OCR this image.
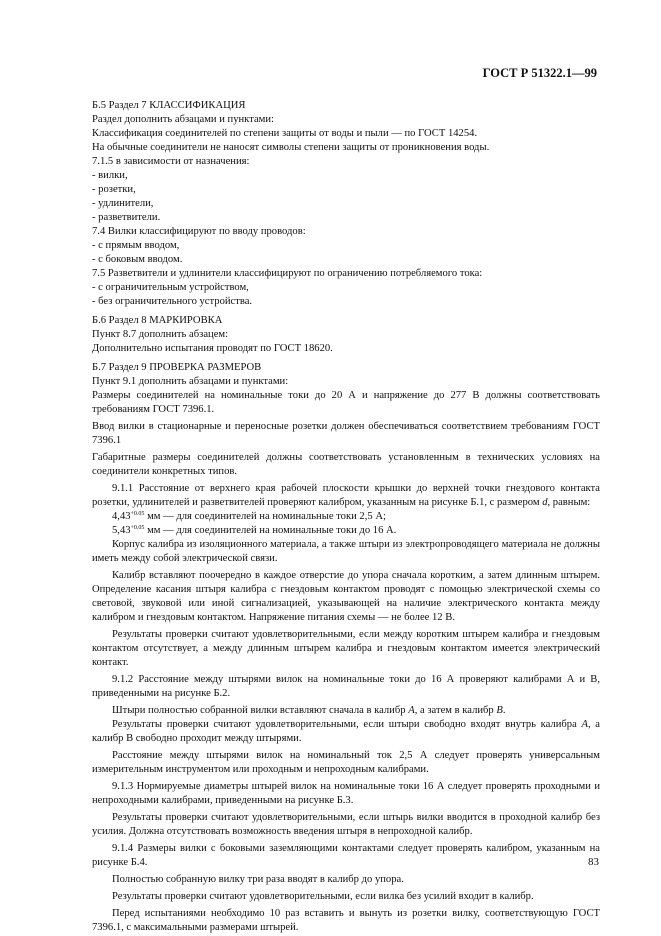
ГОСТ Р 51322.1—99

Б.5 Раздел 7 КЛАССИФИКАЦИЯ

Раздел дополнить абзацами и пунктами:

Классификация соединителей по степени защиты от воды и пыли — по ГОСТ 14254.

На обычные соединители не наносят символы степени защиты от проникновения воды.

7.1.5 в зависимости от назначения:

- вилки,

- розетки,

- удлинители,

- разветвители.

7.4 Вилки классифицируют по вводу проводов:

- с прямым вводом,

- с боковым вводом.

7.5 Разветвители и удлинители классифицируют по ограничению потребляемого тока:

- с ограничительным устройством,

- без ограничительного устройства.

Б.6 Раздел 8 МАРКИРОВКА

Пункт 8.7 дополнить абзацем:

Дополнительно испытания проводят по ГОСТ 18620.

Б.7 Раздел 9 ПРОВЕРКА РАЗМЕРОВ

Пункт 9.1 дополнить абзацами и пунктами:

Размеры соединителей на номинальные токи до 20 А и напряжение до 277 В должны соответствовать требованиям ГОСТ 7396.1.

Ввод вилки в стационарные и переносные розетки должен обеспечиваться соответствием требованиям ГОСТ 7396.1

Габаритные размеры соединителей должны соответствовать установленным в технических условиях на соединители конкретных типов.

9.1.1 Расстояние от верхнего края рабочей плоскости крышки до верхней точки гнездового контакта розетки, удлинителей и разветвителей проверяют калибром, указанным на рисунке Б.1, с размером d, равным:

$4,43^{+0.05}$ мм — для соединителей на номинальные токи 2,5 А;

$5,43^{+0.05}$ мм — для соединителей на номинальные токи до 16 А.

Корпус калибра из изоляционного материала, а также штыри из электропроводящего материала не должны иметь между собой электрической связи.

Калибр вставляют поочередно в каждое отверстие до упора сначала коротким, а затем длинным штырем. Определение касания штыря калибра с гнездовым контактом проводят с помощью электрической схемы со световой, звуковой или иной сигнализацией, указывающей на наличие электрического контакта между калибром и гнездовым контактом. Напряжение питания схемы — не более 12 В.

Результаты проверки считают удовлетворительными, если между коротким штырем калибра и гнездовым контактом отсутствует, а между длинным штырем калибра и гнездовым контактом имеется электрический контакт.

9.1.2 Расстояние между штырями вилок на номинальные токи до 16 А проверяют калибрами А и В, приведенными на рисунке Б.2.

Штыри полностью собранной вилки вставляют сначала в калибр А, а затем в калибр В.

Результаты проверки считают удовлетворительными, если штыри свободно входят внутрь калибра А, а калибр В свободно проходит между штырями.

Расстояние между штырями вилок на номинальный ток 2,5 А следует проверять универсальным измерительным инструментом или проходным и непроходным калибрами.

9.1.3 Нормируемые диаметры штырей вилок на номинальные токи 16 А следует проверять проходными и непроходными калибрами, приведенными на рисунке Б.3.

Результаты проверки считают удовлетворительными, если штырь вилки вводится в проходной калибр без усилия. Должна отсутствовать возможность введения штыря в непроходной калибр.

9.1.4 Размеры вилки с боковыми заземляющими контактами следует проверять калибром, указанным на рисунке Б.4.

Полностью собранную вилку три раза вводят в калибр до упора.

Результаты проверки считают удовлетворительными, если вилка без усилий входит в калибр.

Перед испытаниями необходимо 10 раз вставить и вынуть из розетки вилку, соответствующую ГОСТ 7396.1, с максимальными размерами штырей.

83
